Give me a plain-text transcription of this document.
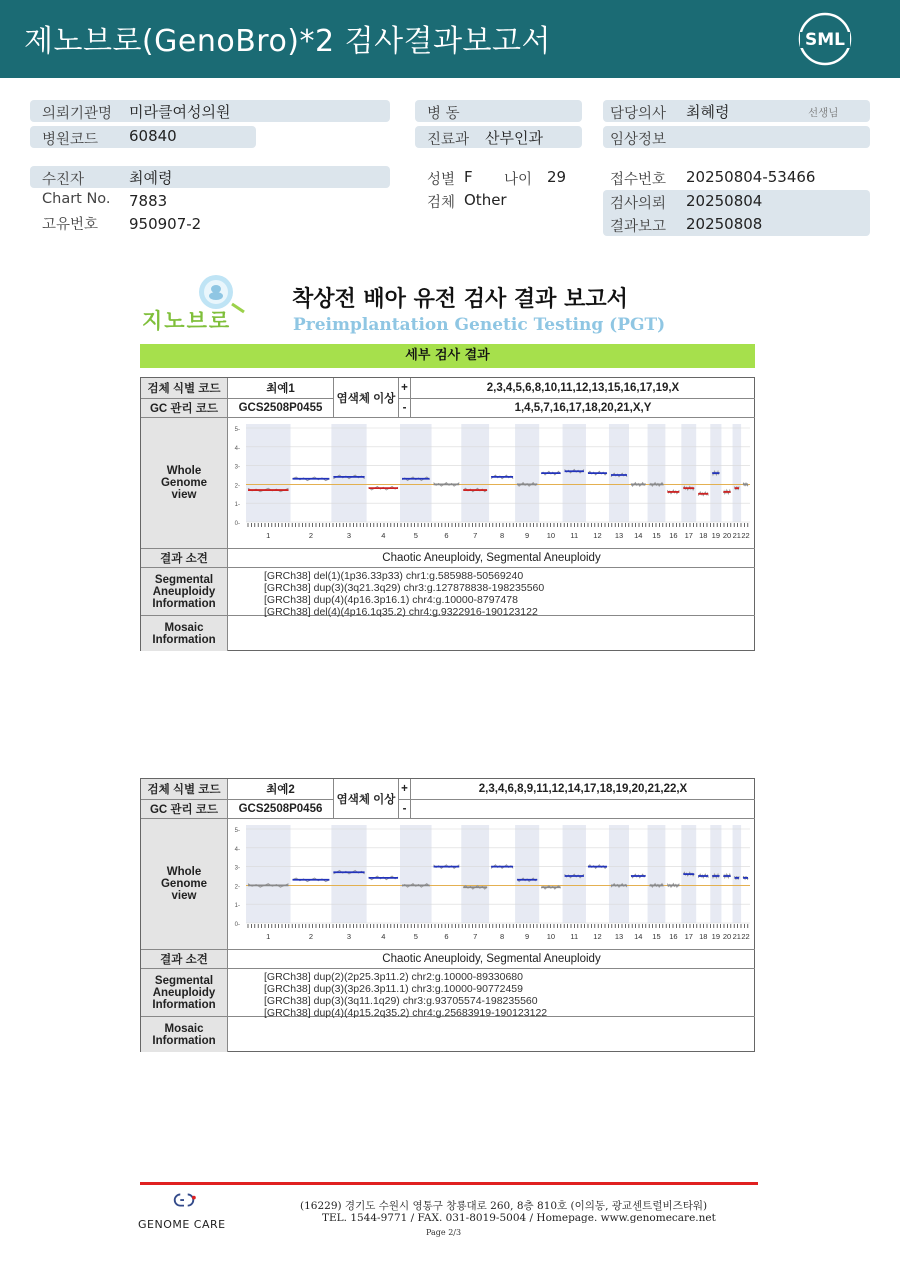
제노브로(GenoBro)*2 검사결과보고서	SML
의뢰기관명 미라클여성의원
병원코드 60840
병 동
진료과 산부인과
담당의사 최혜령	선생님
임상정보
수진자	최예령
Chart No. 7883
고유번호 950907-2
성별 F 나이 29
검체 Other
접수번호 20250804-53466
검사의뢰 20250804
결과보고 20250808
지노브로
착상전 배아 유전 검사 결과 보고서
Preimplantation Genetic Testing (PGT)
세부 검사 결과
검체 식별 코드	최예1
염색체 이상
+	2,3,4,5,6,8,10,11,12,13,15,16,17,19,X
GC 관리 코드	GCS2508P0455	-	1,4,5,7,16,17,18,20,21,X,Y
Whole Genome view
0-
1-
2-
3-
4-
5-
1	2	3	4	5	6	7	8	9 10 11 12 13 14 15 16 17 18 19 20 21 22
결과 소견	Chaotic Aneuploidy, Segmental Aneuploidy
Segmental Aneuploidy Information
[GRCh38] del(1)(1p36.33p33) chr1:g.585988-50569240
[GRCh38] dup(3)(3q21.3q29) chr3:g.127878838-198235560
[GRCh38] dup(4)(4p16.3p16.1) chr4:g.10000-8797478
[GRCh38] del(4)(4p16.1q35.2) chr4:g.9322916-190123122
Mosaic Information
검체 식별 코드	최예2
염색체 이상
+	2,3,4,6,8,9,11,12,14,17,18,19,20,21,22,X
GC 관리 코드	GCS2508P0456	-
Whole Genome view
0-
1-
2-
3-
4-
5-
1	2	3	4	5	6	7	8	9 10 11 12 13 14 15 16 17 18 19 20 21 22
결과 소견	Chaotic Aneuploidy, Segmental Aneuploidy
Segmental Aneuploidy Information
[GRCh38] dup(2)(2p25.3p11.2) chr2:g.10000-89330680
[GRCh38] dup(3)(3p26.3p11.1) chr3:g.10000-90772459
[GRCh38] dup(3)(3q11.1q29) chr3:g.93705574-198235560
[GRCh38] dup(4)(4p15.2q35.2) chr4:g.25683919-190123122
Mosaic Information
GENOME CARE
(16229) 경기도 수원시 영통구 창룡대로 260, 8층 810호 (이의동, 광교센트럴비즈타워)
TEL. 1544-9771 / FAX. 031-8019-5004 / Homepage. www.genomecare.net
Page 2/3
